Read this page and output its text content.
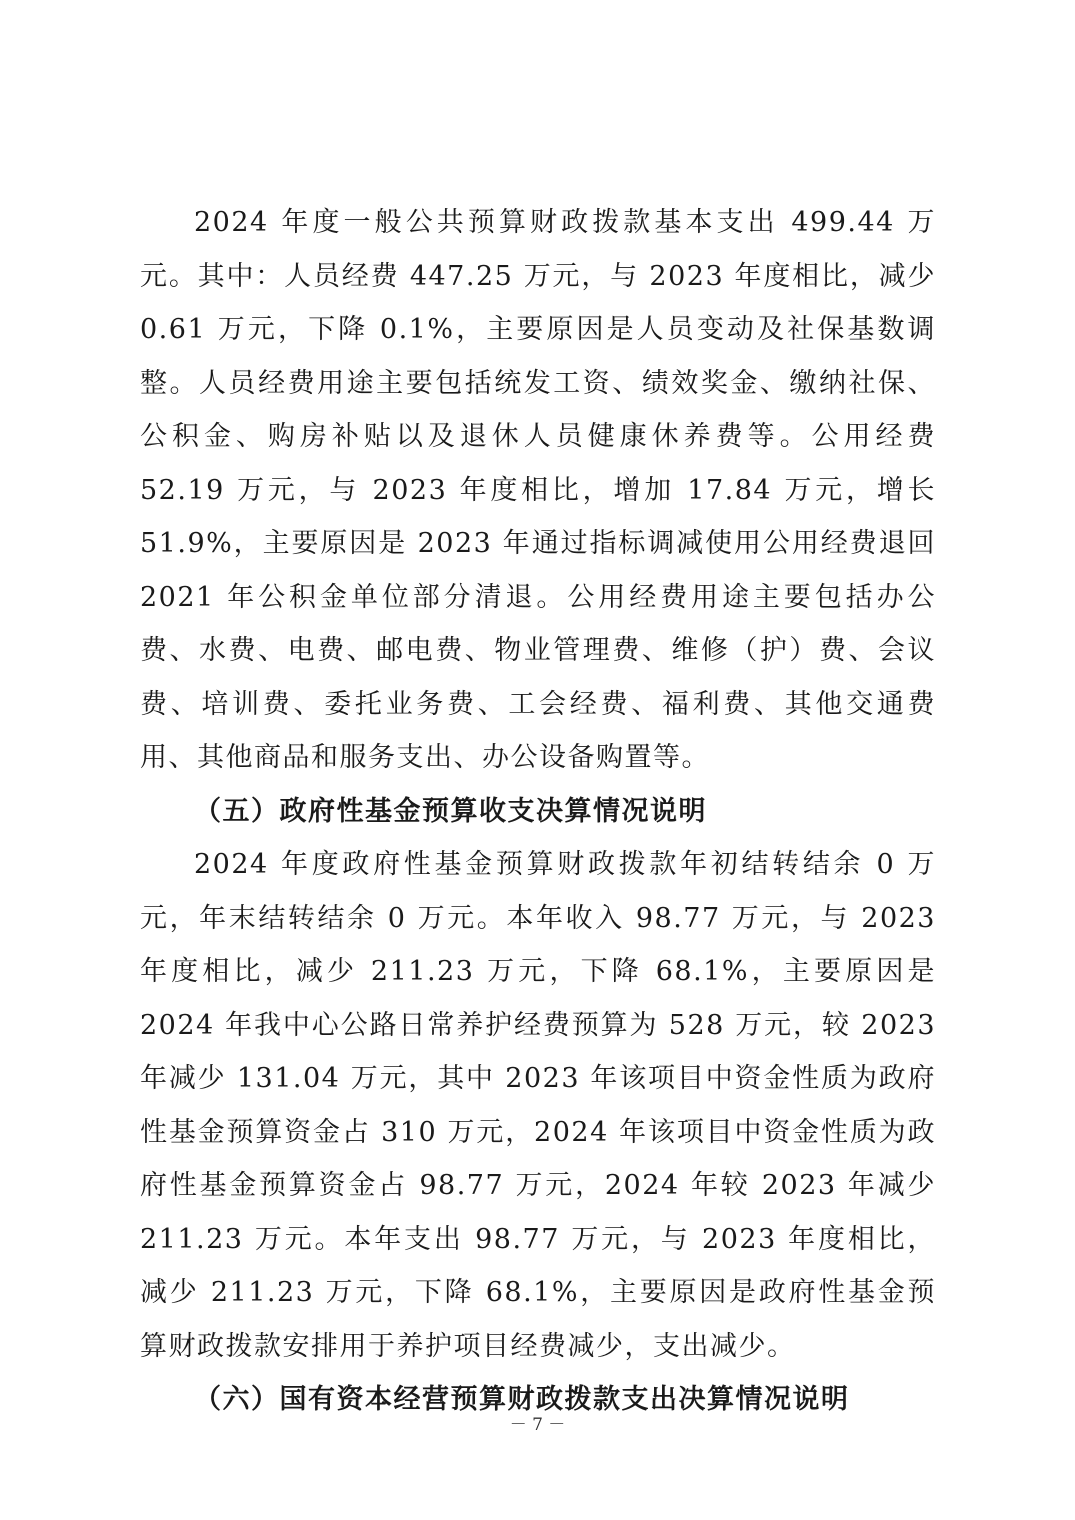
2024 年度一般公共预算财政拨款基本支出 499.44 万元。其中：人员经费 447.25 万元，与 2023 年度相比，减少 0.61 万元，下降 0.1%，主要原因是人员变动及社保基数调整。人员经费用途主要包括统发工资、绩效奖金、缴纳社保、公积金、购房补贴以及退休人员健康休养费等。公用经费 52.19 万元，与 2023 年度相比，增加 17.84 万元，增长 51.9%，主要原因是 2023 年通过指标调减使用公用经费退回 2021 年公积金单位部分清退。公用经费用途主要包括办公费、水费、电费、邮电费、物业管理费、维修（护）费、会议费、培训费、委托业务费、工会经费、福利费、其他交通费用、其他商品和服务支出、办公设备购置等。

（五）政府性基金预算收支决算情况说明

2024 年度政府性基金预算财政拨款年初结转结余 0 万元，年末结转结余 0 万元。本年收入 98.77 万元，与 2023 年度相比，减少 211.23 万元，下降 68.1%，主要原因是 2024 年我中心公路日常养护经费预算为 528 万元，较 2023 年减少 131.04 万元，其中 2023 年该项目中资金性质为政府性基金预算资金占 310 万元，2024 年该项目中资金性质为政府性基金预算资金占 98.77 万元，2024 年较 2023 年减少 211.23 万元。本年支出 98.77 万元，与 2023 年度相比，减少 211.23 万元，下降 68.1%，主要原因是政府性基金预算财政拨款安排用于养护项目经费减少，支出减少。

（六）国有资本经营预算财政拨款支出决算情况说明

－ 7 －
